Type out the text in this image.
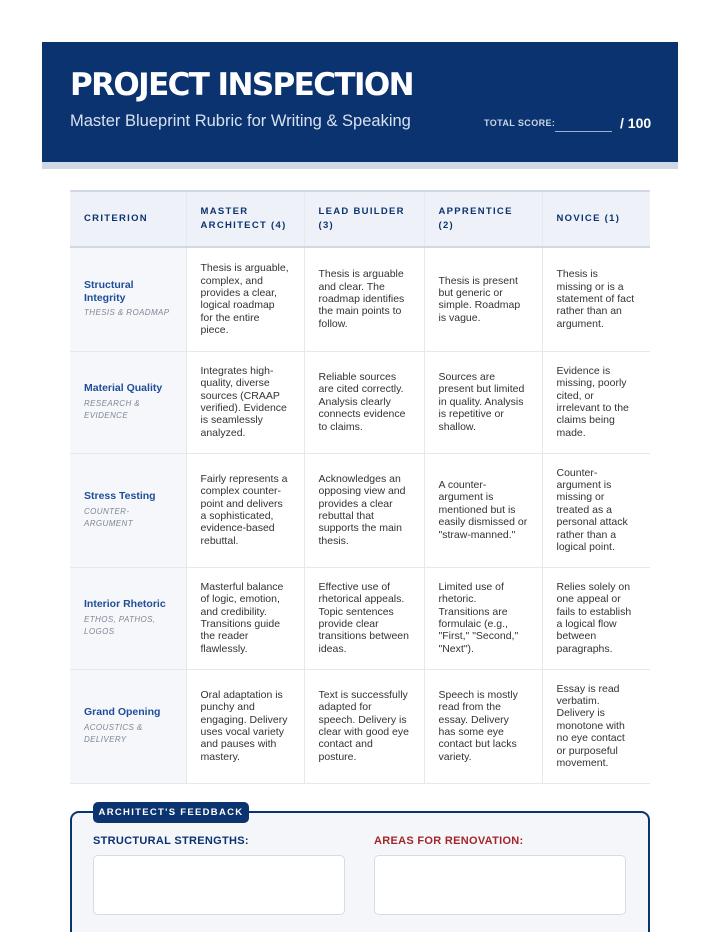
PROJECT INSPECTION
Master Blueprint Rubric for Writing & Speaking	TOTAL SCORE:	/ 100
CRITERION	MASTER ARCHITECT (4)	LEAD BUILDER (3)	APPRENTICE (2)	NOVICE (1)

Structural Integrity
THESIS & ROADMAP	Thesis is arguable, complex, and provides a clear, logical roadmap for the entire piece.	Thesis is arguable and clear. The roadmap identifies the main points to follow.	Thesis is present but generic or simple. Roadmap is vague.	Thesis is missing or is a statement of fact rather than an argument.

Material Quality
RESEARCH & EVIDENCE	Integrates high-quality, diverse sources (CRAAP verified). Evidence is seamlessly analyzed.	Reliable sources are cited correctly. Analysis clearly connects evidence to claims.	Sources are present but limited in quality. Analysis is repetitive or shallow.	Evidence is missing, poorly cited, or irrelevant to the claims being made.

Stress Testing
COUNTER-ARGUMENT	Fairly represents a complex counter-point and delivers a sophisticated, evidence-based rebuttal.	Acknowledges an opposing view and provides a clear rebuttal that supports the main thesis.	A counter-argument is mentioned but is easily dismissed or "straw-manned."	Counter-argument is missing or treated as a personal attack rather than a logical point.

Interior Rhetoric
ETHOS, PATHOS, LOGOS	Masterful balance of logic, emotion, and credibility. Transitions guide the reader flawlessly.	Effective use of rhetorical appeals. Topic sentences provide clear transitions between ideas.	Limited use of rhetoric. Transitions are formulaic (e.g., "First," "Second," "Next").	Relies solely on one appeal or fails to establish a logical flow between paragraphs.

Grand Opening
ACOUSTICS & DELIVERY	Oral adaptation is punchy and engaging. Delivery uses vocal variety and pauses with mastery.	Text is successfully adapted for speech. Delivery is clear with good eye contact and posture.	Speech is mostly read from the essay. Delivery has some eye contact but lacks variety.	Essay is read verbatim. Delivery is monotone with no eye contact or purposeful movement.
ARCHITECT'S FEEDBACK
STRUCTURAL STRENGTHS:	AREAS FOR RENOVATION:
